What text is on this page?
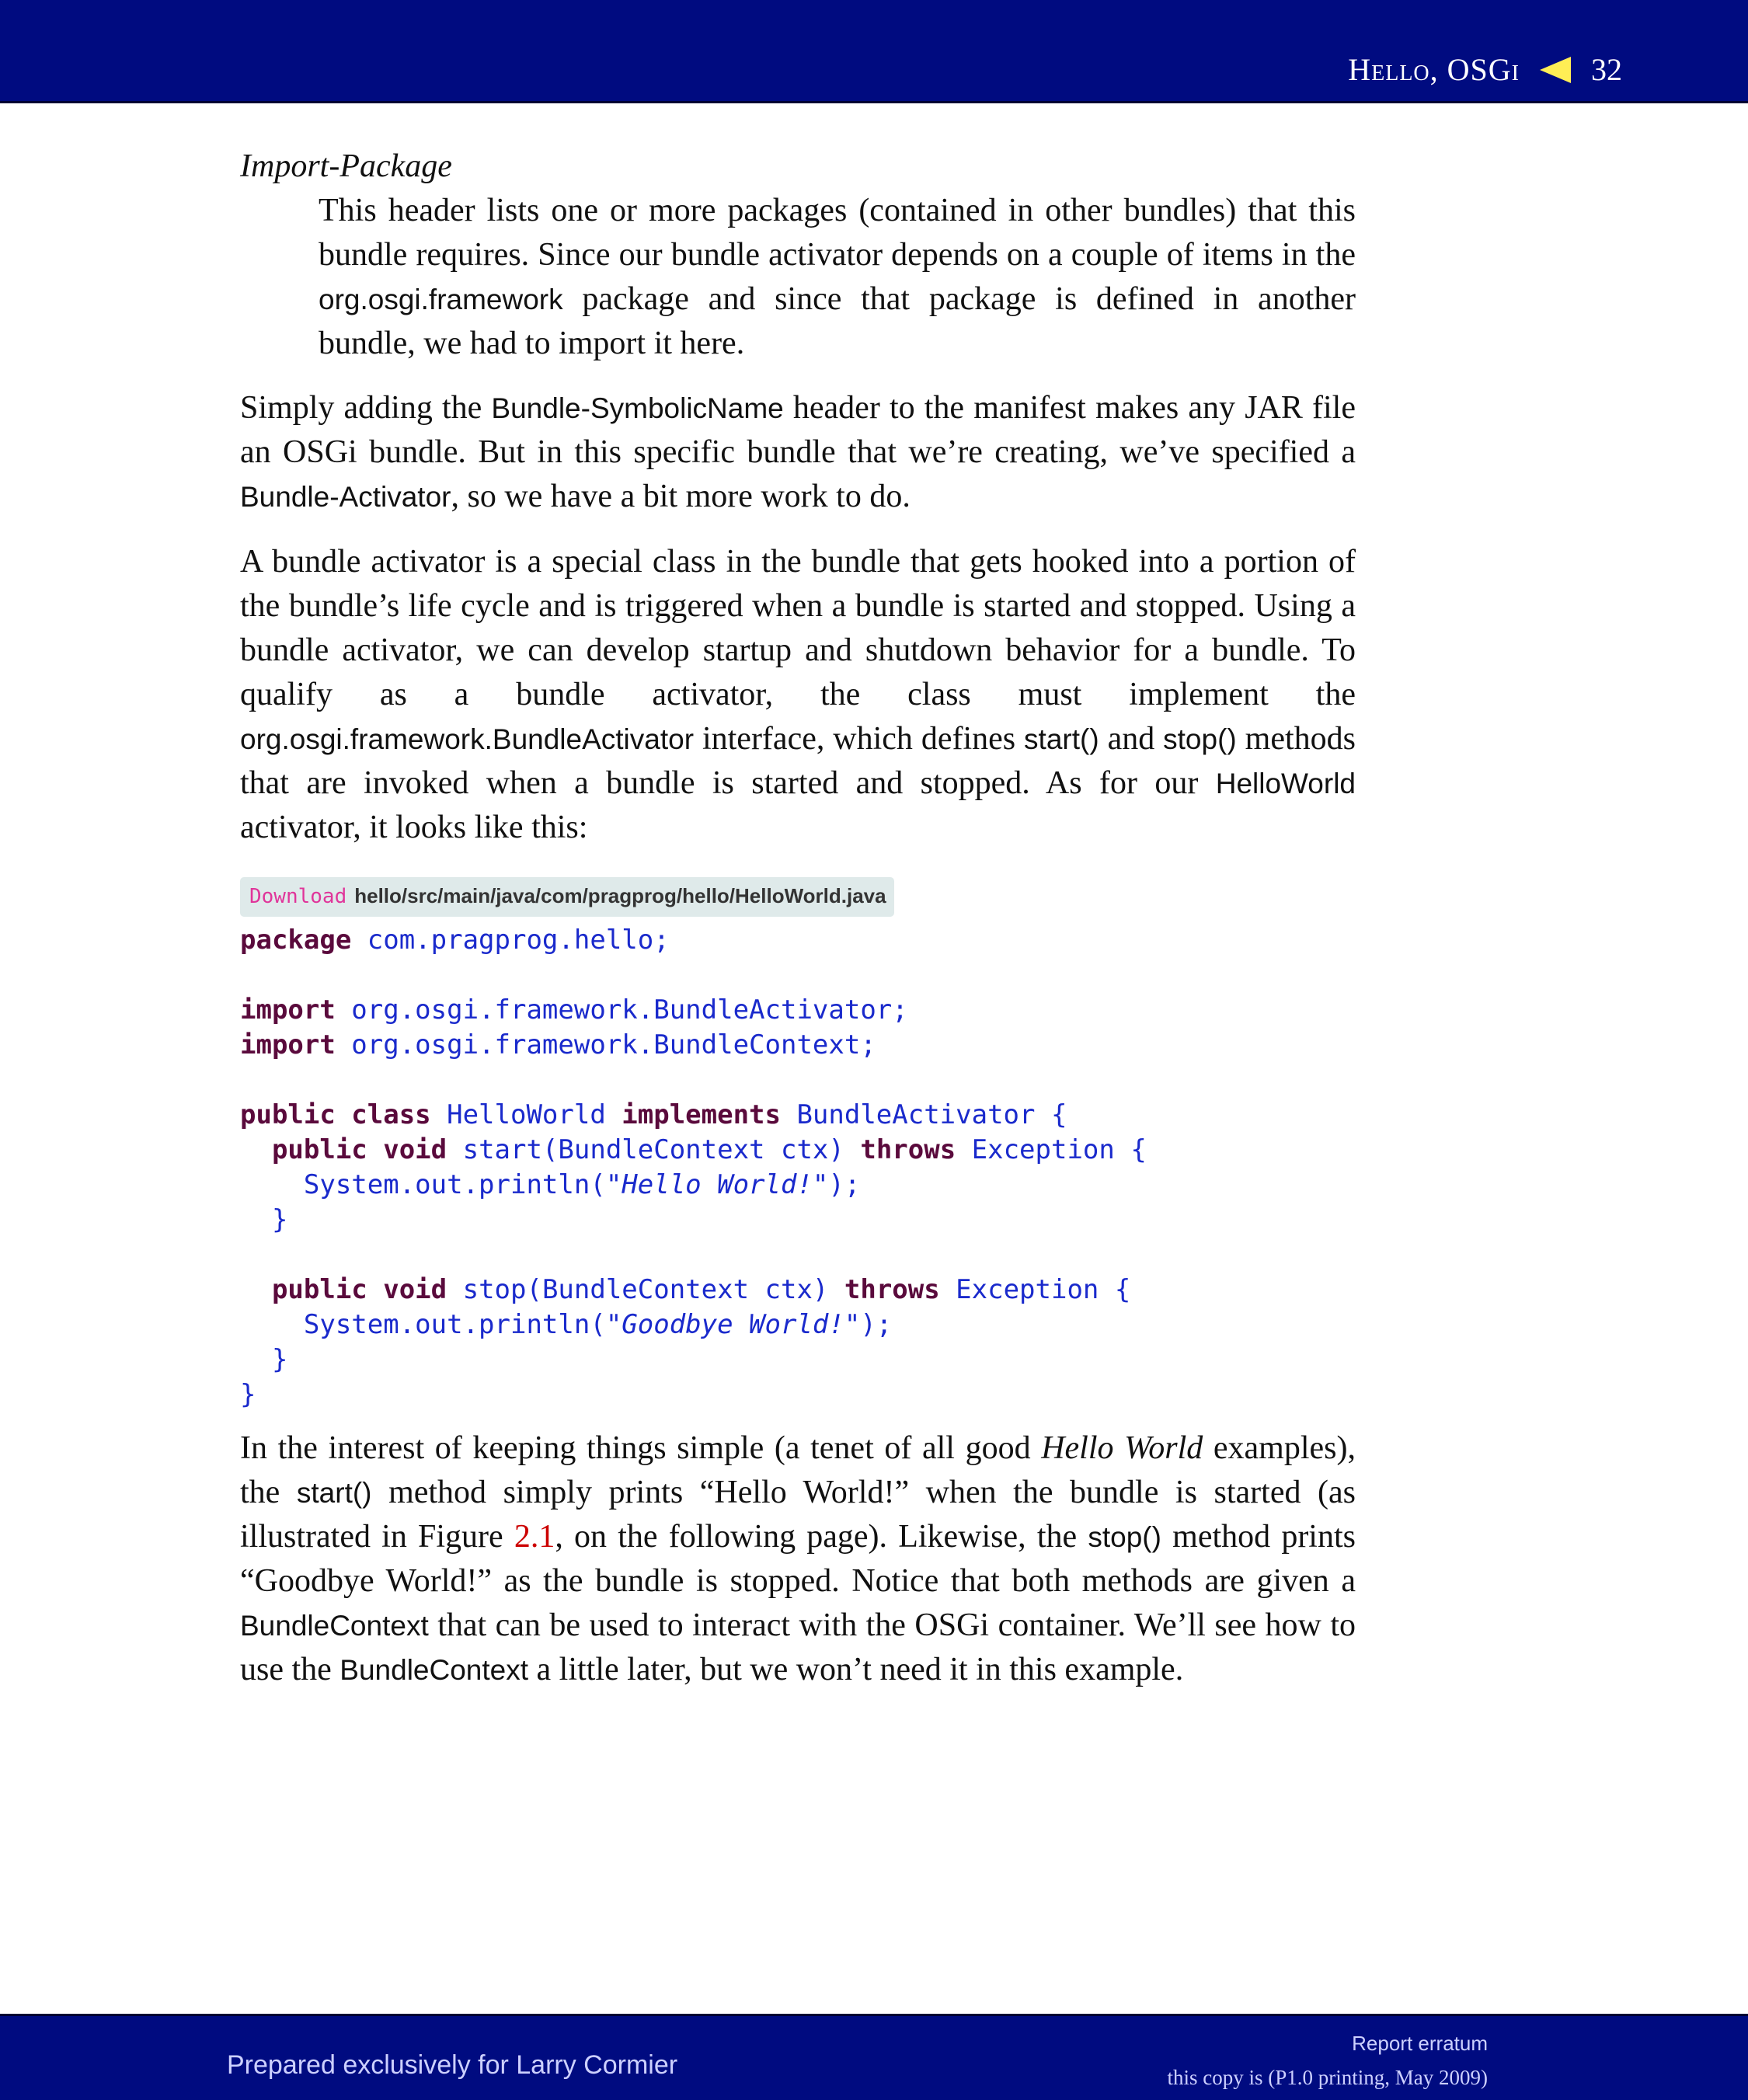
Hello, OSGi 32

Import-Package

This header lists one or more packages (contained in other bundles) that this bundle requires. Since our bundle activator depends on a couple of items in the org.osgi.framework package and since that package is defined in another bundle, we had to import it here.

Simply adding the Bundle-SymbolicName header to the manifest makes any JAR file an OSGi bundle. But in this specific bundle that we’re creating, we’ve specified a Bundle-Activator, so we have a bit more work to do.

A bundle activator is a special class in the bundle that gets hooked into a portion of the bundle’s life cycle and is triggered when a bundle is started and stopped. Using a bundle activator, we can develop startup and shutdown behavior for a bundle. To qualify as a bundle activator, the class must implement the org.osgi.framework.BundleActivator interface, which defines start() and stop() methods that are invoked when a bundle is started and stopped. As for our HelloWorld activator, it looks like this:

Download hello/src/main/java/com/pragprog/hello/HelloWorld.java
package com.pragprog.hello;

import org.osgi.framework.BundleActivator;
import org.osgi.framework.BundleContext;

public class HelloWorld implements BundleActivator {
public void start(BundleContext ctx) throws Exception {
System.out.println("Hello World!");
}

public void stop(BundleContext ctx) throws Exception {
System.out.println("Goodbye World!");
}
}

In the interest of keeping things simple (a tenet of all good Hello World examples), the start() method simply prints “Hello World!” when the bundle is started (as illustrated in Figure 2.1, on the following page). Likewise, the stop() method prints “Goodbye World!” as the bundle is stopped. Notice that both methods are given a BundleContext that can be used to interact with the OSGi container. We’ll see how to use the BundleContext a little later, but we won’t need it in this example.

Prepared exclusively for Larry Cormier
Report erratum
this copy is (P1.0 printing, May 2009)
